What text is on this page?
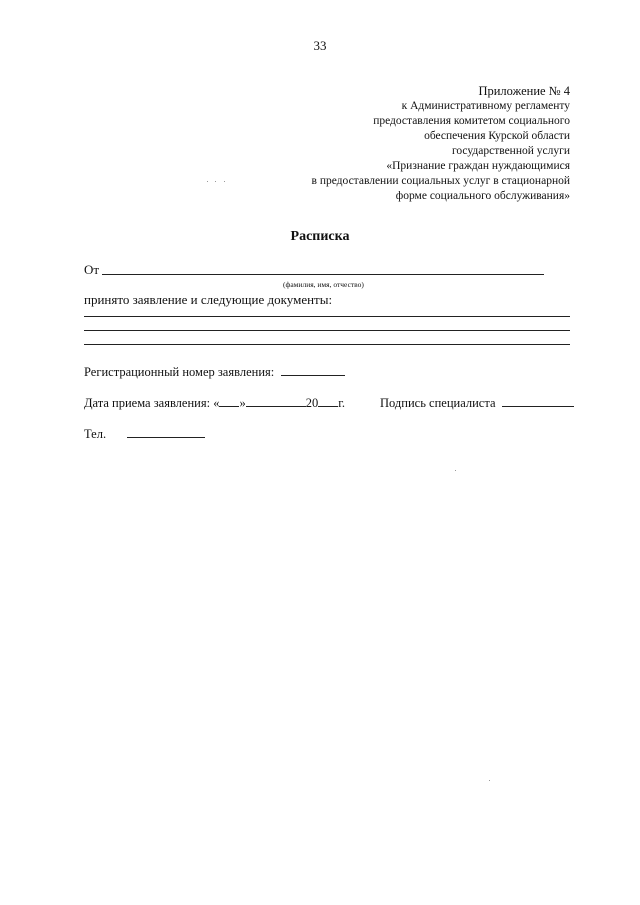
33
Приложение № 4
к Административному регламенту
предоставления комитетом социального
обеспечения Курской области
государственной услуги
«Признание граждан нуждающимися
в предоставлении социальных услуг в стационарной
форме социального обслуживания»
Расписка
От
(фамилия, имя, отчество)
принято заявление и следующие документы:
Регистрационный номер заявления:
Дата приема заявления: « »	20 г.	Подпись специалиста
Тел.
